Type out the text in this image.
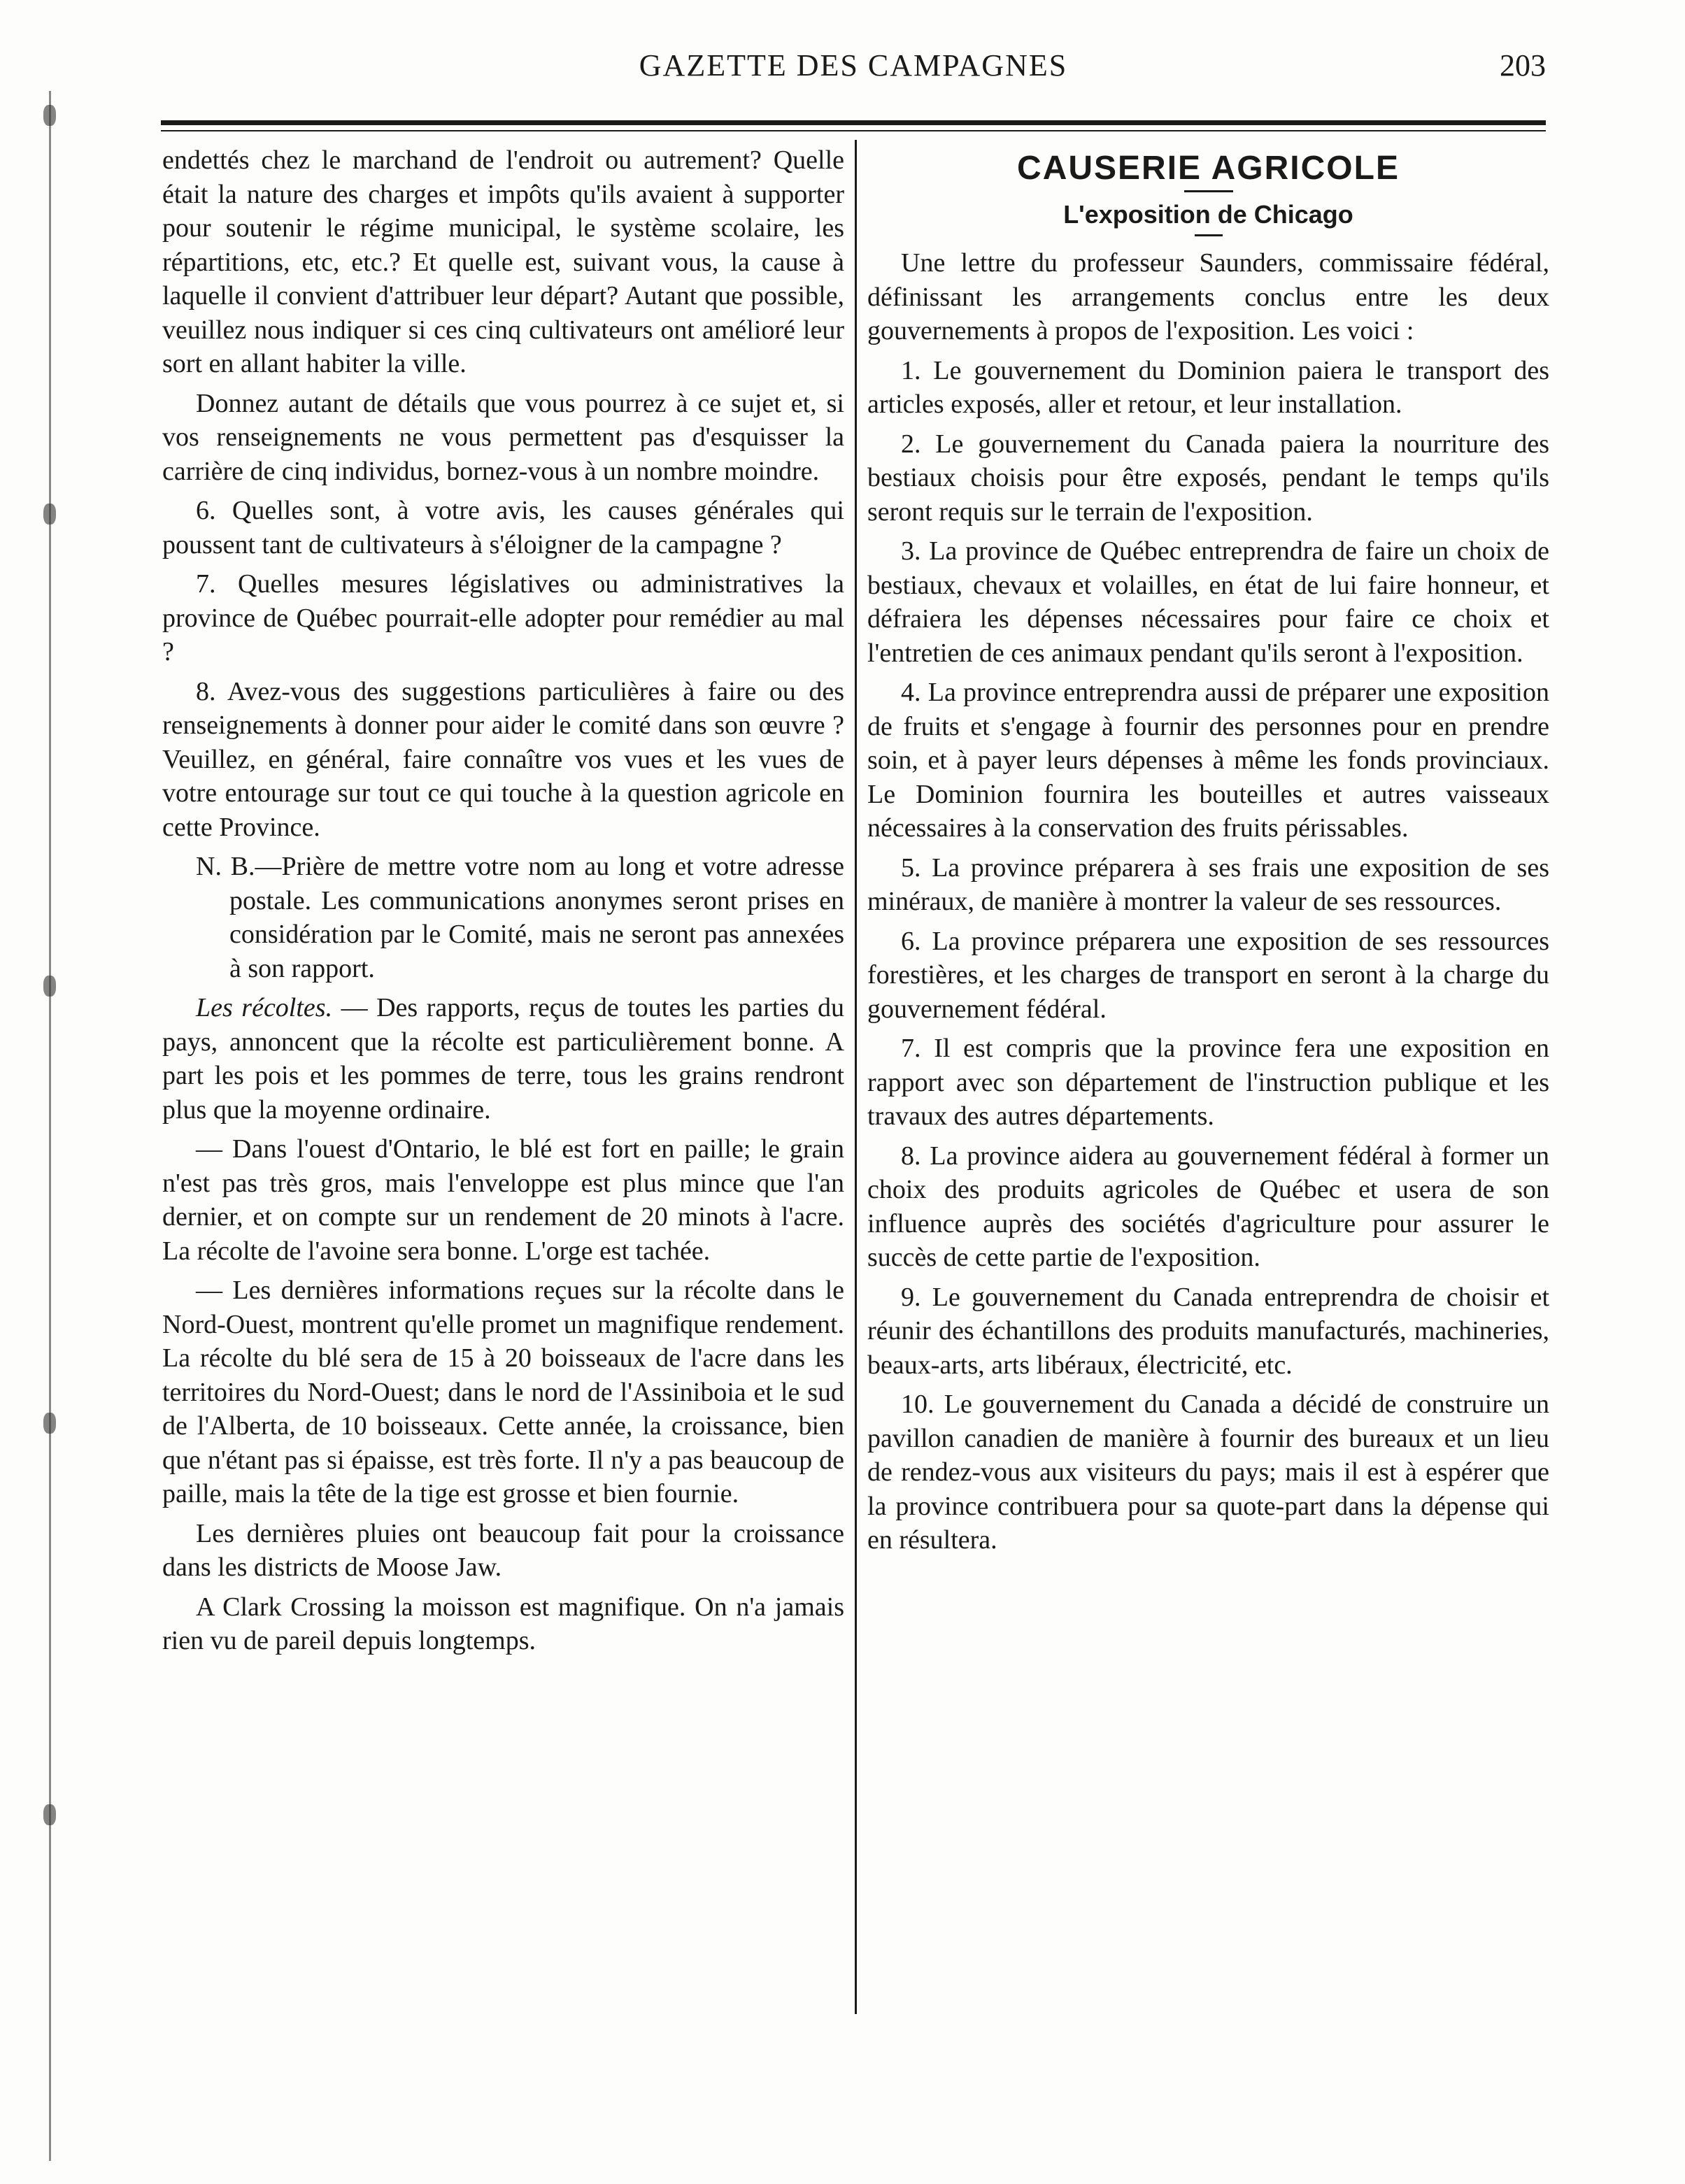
GAZETTE DES CAMPAGNES	203

endettés chez le marchand de l'endroit ou autrement? Quelle était la nature des charges et impôts qu'ils avaient à supporter pour soutenir le régime municipal, le système scolaire, les répartitions, etc, etc.? Et quelle est, suivant vous, la cause à laquelle il convient d'attribuer leur départ? Autant que possible, veuillez nous indiquer si ces cinq cultivateurs ont amélioré leur sort en allant habiter la ville.

Donnez autant de détails que vous pourrez à ce sujet et, si vos renseignements ne vous permettent pas d'esquisser la carrière de cinq individus, bornez-vous à un nombre moindre.

6. Quelles sont, à votre avis, les causes générales qui poussent tant de cultivateurs à s'éloigner de la campagne ?

7. Quelles mesures législatives ou administratives la province de Québec pourrait-elle adopter pour remédier au mal ?

8. Avez-vous des suggestions particulières à faire ou des renseignements à donner pour aider le comité dans son œuvre ? Veuillez, en général, faire connaître vos vues et les vues de votre entourage sur tout ce qui touche à la question agricole en cette Province.

N. B.—Prière de mettre votre nom au long et votre adresse postale. Les communications anonymes seront prises en considération par le Comité, mais ne seront pas annexées à son rapport.

Les récoltes. — Des rapports, reçus de toutes les parties du pays, annoncent que la récolte est particulièrement bonne. A part les pois et les pommes de terre, tous les grains rendront plus que la moyenne ordinaire.

— Dans l'ouest d'Ontario, le blé est fort en paille; le grain n'est pas très gros, mais l'enveloppe est plus mince que l'an dernier, et on compte sur un rendement de 20 minots à l'acre. La récolte de l'avoine sera bonne. L'orge est tachée.

— Les dernières informations reçues sur la récolte dans le Nord-Ouest, montrent qu'elle promet un magnifique rendement. La récolte du blé sera de 15 à 20 boisseaux de l'acre dans les territoires du Nord-Ouest; dans le nord de l'Assiniboia et le sud de l'Alberta, de 10 boisseaux. Cette année, la croissance, bien que n'étant pas si épaisse, est très forte. Il n'y a pas beaucoup de paille, mais la tête de la tige est grosse et bien fournie.

Les dernières pluies ont beaucoup fait pour la croissance dans les districts de Moose Jaw.

A Clark Crossing la moisson est magnifique. On n'a jamais rien vu de pareil depuis longtemps.

CAUSERIE AGRICOLE
L'exposition de Chicago

Une lettre du professeur Saunders, commissaire fédéral, définissant les arrangements conclus entre les deux gouvernements à propos de l'exposition. Les voici :

1. Le gouvernement du Dominion paiera le transport des articles exposés, aller et retour, et leur installation.

2. Le gouvernement du Canada paiera la nourriture des bestiaux choisis pour être exposés, pendant le temps qu'ils seront requis sur le terrain de l'exposition.

3. La province de Québec entreprendra de faire un choix de bestiaux, chevaux et volailles, en état de lui faire honneur, et défraiera les dépenses nécessaires pour faire ce choix et l'entretien de ces animaux pendant qu'ils seront à l'exposition.

4. La province entreprendra aussi de préparer une exposition de fruits et s'engage à fournir des personnes pour en prendre soin, et à payer leurs dépenses à même les fonds provinciaux. Le Dominion fournira les bouteilles et autres vaisseaux nécessaires à la conservation des fruits périssables.

5. La province préparera à ses frais une exposition de ses minéraux, de manière à montrer la valeur de ses ressources.

6. La province préparera une exposition de ses ressources forestières, et les charges de transport en seront à la charge du gouvernement fédéral.

7. Il est compris que la province fera une exposition en rapport avec son département de l'instruction publique et les travaux des autres départements.

8. La province aidera au gouvernement fédéral à former un choix des produits agricoles de Québec et usera de son influence auprès des sociétés d'agriculture pour assurer le succès de cette partie de l'exposition.

9. Le gouvernement du Canada entreprendra de choisir et réunir des échantillons des produits manufacturés, machineries, beaux-arts, arts libéraux, électricité, etc.

10. Le gouvernement du Canada a décidé de construire un pavillon canadien de manière à fournir des bureaux et un lieu de rendez-vous aux visiteurs du pays; mais il est à espérer que la province contribuera pour sa quote-part dans la dépense qui en résultera.
